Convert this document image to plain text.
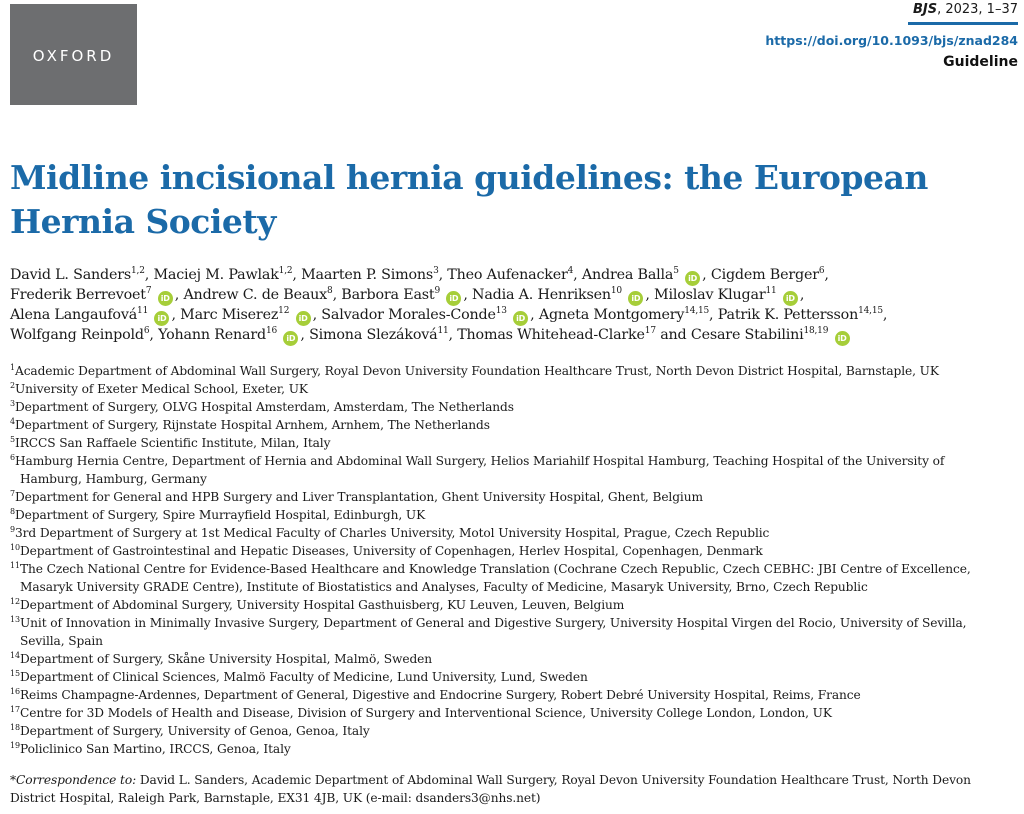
OXFORD
BJS, 2023, 1–37
https://doi.org/10.1093/bjs/znad284
Guideline
Midline incisional hernia guidelines: the European
Hernia Society
David L. Sanders$^{1,2}$, Maciej M. Pawlak$^{1,2}$, Maarten P. Simons$^3$, Theo Aufenacker$^4$, Andrea Balla$^5$ iD , Cigdem Berger$^6$,
Frederik Berrevoet$^7$ iD , Andrew C. de Beaux$^8$, Barbora East$^9$ iD , Nadia A. Henriksen$^{10}$ iD , Miloslav Klugar$^{11}$ iD ,
Alena Langaufová$^{11}$ iD , Marc Miserez$^{12}$ iD , Salvador Morales-Conde$^{13}$ iD , Agneta Montgomery$^{14,15}$, Patrik K. Pettersson$^{14,15}$,
Wolfgang Reinpold$^6$, Yohann Renard$^{16}$ iD , Simona Slezáková$^{11}$, Thomas Whitehead-Clarke$^{17}$ and Cesare Stabilini$^{18,19}$ iD
$^1$Academic Department of Abdominal Wall Surgery, Royal Devon University Foundation Healthcare Trust, North Devon District Hospital, Barnstaple, UK
$^2$University of Exeter Medical School, Exeter, UK
$^3$Department of Surgery, OLVG Hospital Amsterdam, Amsterdam, The Netherlands
$^4$Department of Surgery, Rijnstate Hospital Arnhem, Arnhem, The Netherlands
$^5$IRCCS San Raffaele Scientific Institute, Milan, Italy
$^6$Hamburg Hernia Centre, Department of Hernia and Abdominal Wall Surgery, Helios Mariahilf Hospital Hamburg, Teaching Hospital of the University of
Hamburg, Hamburg, Germany
$^7$Department for General and HPB Surgery and Liver Transplantation, Ghent University Hospital, Ghent, Belgium
$^8$Department of Surgery, Spire Murrayfield Hospital, Edinburgh, UK
$^9$3rd Department of Surgery at 1st Medical Faculty of Charles University, Motol University Hospital, Prague, Czech Republic
$^{10}$Department of Gastrointestinal and Hepatic Diseases, University of Copenhagen, Herlev Hospital, Copenhagen, Denmark
$^{11}$The Czech National Centre for Evidence-Based Healthcare and Knowledge Translation (Cochrane Czech Republic, Czech CEBHC: JBI Centre of Excellence,
Masaryk University GRADE Centre), Institute of Biostatistics and Analyses, Faculty of Medicine, Masaryk University, Brno, Czech Republic
$^{12}$Department of Abdominal Surgery, University Hospital Gasthuisberg, KU Leuven, Leuven, Belgium
$^{13}$Unit of Innovation in Minimally Invasive Surgery, Department of General and Digestive Surgery, University Hospital Virgen del Rocio, University of Sevilla,
Sevilla, Spain
$^{14}$Department of Surgery, Skåne University Hospital, Malmö, Sweden
$^{15}$Department of Clinical Sciences, Malmö Faculty of Medicine, Lund University, Lund, Sweden
$^{16}$Reims Champagne-Ardennes, Department of General, Digestive and Endocrine Surgery, Robert Debré University Hospital, Reims, France
$^{17}$Centre for 3D Models of Health and Disease, Division of Surgery and Interventional Science, University College London, London, UK
$^{18}$Department of Surgery, University of Genoa, Genoa, Italy
$^{19}$Policlinico San Martino, IRCCS, Genoa, Italy
*Correspondence to: David L. Sanders, Academic Department of Abdominal Wall Surgery, Royal Devon University Foundation Healthcare Trust, North Devon
District Hospital, Raleigh Park, Barnstaple, EX31 4JB, UK (e-mail: dsanders3@nhs.net)
